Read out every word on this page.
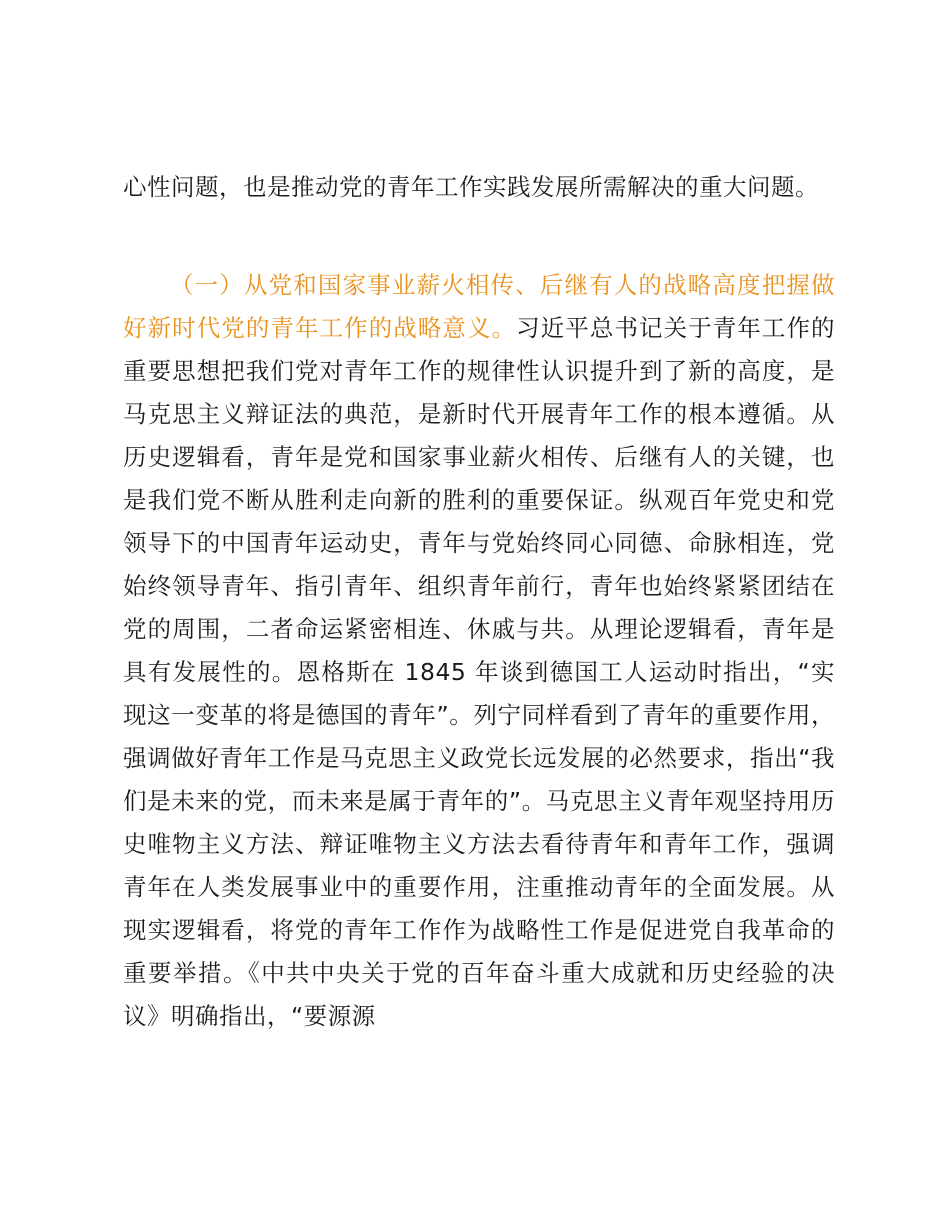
心性问题，也是推动党的青年工作实践发展所需解决的重大问题。

（一）从党和国家事业薪火相传、后继有人的战略高度把握做好新时代党的青年工作的战略意义。习近平总书记关于青年工作的重要思想把我们党对青年工作的规律性认识提升到了新的高度，是马克思主义辩证法的典范，是新时代开展青年工作的根本遵循。从历史逻辑看，青年是党和国家事业薪火相传、后继有人的关键，也是我们党不断从胜利走向新的胜利的重要保证。纵观百年党史和党领导下的中国青年运动史，青年与党始终同心同德、命脉相连，党始终领导青年、指引青年、组织青年前行，青年也始终紧紧团结在党的周围，二者命运紧密相连、休戚与共。从理论逻辑看，青年是具有发展性的。恩格斯在 1845 年谈到德国工人运动时指出，“实现这一变革的将是德国的青年”。列宁同样看到了青年的重要作用，强调做好青年工作是马克思主义政党长远发展的必然要求，指出“我们是未来的党，而未来是属于青年的”。马克思主义青年观坚持用历史唯物主义方法、辩证唯物主义方法去看待青年和青年工作，强调青年在人类发展事业中的重要作用，注重推动青年的全面发展。从现实逻辑看，将党的青年工作作为战略性工作是促进党自我革命的重要举措。《中共中央关于党的百年奋斗重大成就和历史经验的决议》明确指出，“要源源
